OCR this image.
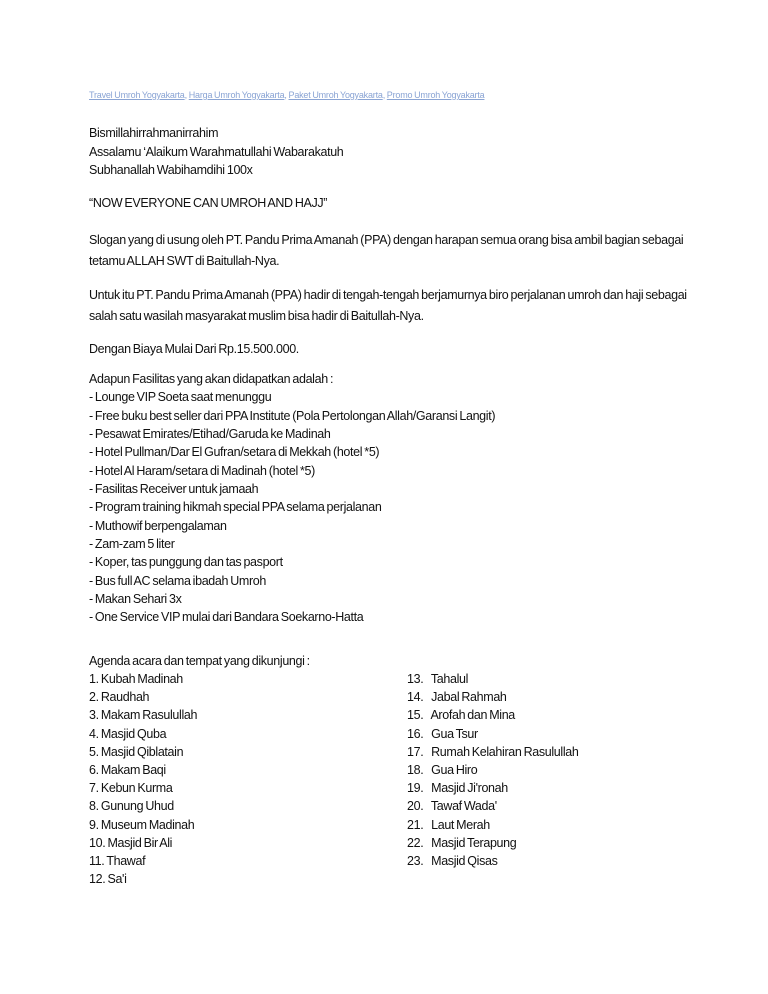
Travel Umroh Yogyakarta, Harga Umroh Yogyakarta, Paket Umroh Yogyakarta, Promo Umroh Yogyakarta
Bismillahirrahmanirrahim
Assalamu ‘Alaikum Warahmatullahi Wabarakatuh
Subhanallah Wabihamdihi 100x
“NOW EVERYONE CAN UMROH AND HAJJ”
Slogan yang di usung oleh PT. Pandu Prima Amanah (PPA) dengan harapan semua orang bisa ambil bagian sebagai tetamu ALLAH SWT di Baitullah-Nya.
Untuk itu PT. Pandu Prima Amanah (PPA) hadir di tengah-tengah berjamurnya biro perjalanan umroh dan haji sebagai salah satu wasilah masyarakat muslim bisa hadir di Baitullah-Nya.
Dengan Biaya Mulai Dari Rp.15.500.000.
Adapun Fasilitas yang akan didapatkan adalah :
- Lounge VIP Soeta saat menunggu
- Free buku best seller dari PPA Institute (Pola Pertolongan Allah/Garansi Langit)
- Pesawat Emirates/Etihad/Garuda ke Madinah
- Hotel Pullman/Dar El Gufran/setara di Mekkah (hotel *5)
- Hotel Al Haram/setara di Madinah (hotel *5)
- Fasilitas Receiver untuk jamaah
- Program training hikmah special PPA selama perjalanan
- Muthowif berpengalaman
- Zam-zam 5 liter
- Koper, tas punggung dan tas pasport
- Bus full AC selama ibadah Umroh
- Makan Sehari 3x
- One Service VIP mulai dari Bandara Soekarno-Hatta
Agenda acara dan tempat yang dikunjungi :
1. Kubah Madinah
2. Raudhah
3. Makam Rasulullah
4. Masjid Quba
5. Masjid Qiblatain
6. Makam Baqi
7. Kebun Kurma
8. Gunung Uhud
9. Museum Madinah
10. Masjid Bir Ali
11. Thawaf
12. Sa'i
13. Tahalul
14. Jabal Rahmah
15. Arofah dan Mina
16. Gua Tsur
17. Rumah Kelahiran Rasulullah
18. Gua Hiro
19. Masjid Ji'ronah
20. Tawaf Wada'
21. Laut Merah
22. Masjid Terapung
23. Masjid Qisas
